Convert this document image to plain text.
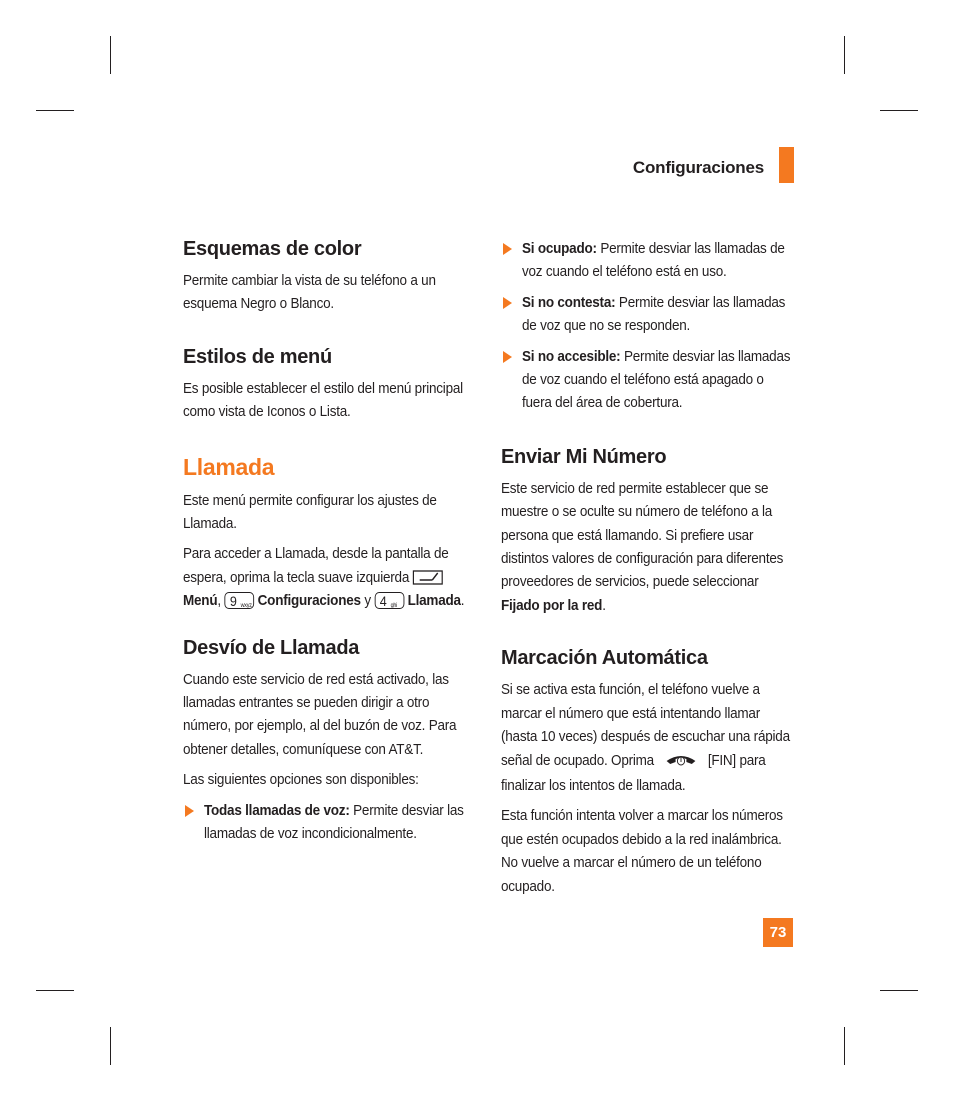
Configuraciones
Esquemas de color

Permite cambiar la vista de su teléfono a un esquema Negro o Blanco.

Estilos de menú

Es posible establecer el estilo del menú principal como vista de Iconos o Lista.

Llamada

Este menú permite configurar los ajustes de Llamada.

Para acceder a Llamada, desde la pantalla de espera, oprima la tecla suave izquierda  Menú, 9 wxyz Configuraciones y 4 ghi Llamada.

Desvío de Llamada

Cuando este servicio de red está activado, las llamadas entrantes se pueden dirigir a otro número, por ejemplo, al del buzón de voz. Para obtener detalles, comuníquese con AT&T.

Las siguientes opciones son disponibles:

Todas llamadas de voz: Permite desviar las llamadas de voz incondicionalmente.
Si ocupado: Permite desviar las llamadas de voz cuando el teléfono está en uso.
Si no contesta: Permite desviar las llamadas de voz que no se responden.
Si no accesible: Permite desviar las llamadas de voz cuando el teléfono está apagado o fuera del área de cobertura.
Enviar Mi Número

Este servicio de red permite establecer que se muestre o se oculte su número de teléfono a la persona que está llamando. Si prefiere usar distintos valores de configuración para diferentes proveedores de servicios, puede seleccionar Fijado por la red.

Marcación Automática

Si se activa esta función, el teléfono vuelve a marcar el número que está intentando llamar (hasta 10 veces) después de escuchar una rápida señal de ocupado. Oprima	[FIN] para finalizar los intentos de llamada.

Esta función intenta volver a marcar los números que estén ocupados debido a la red inalámbrica. No vuelve a marcar el número de un teléfono ocupado.

73
